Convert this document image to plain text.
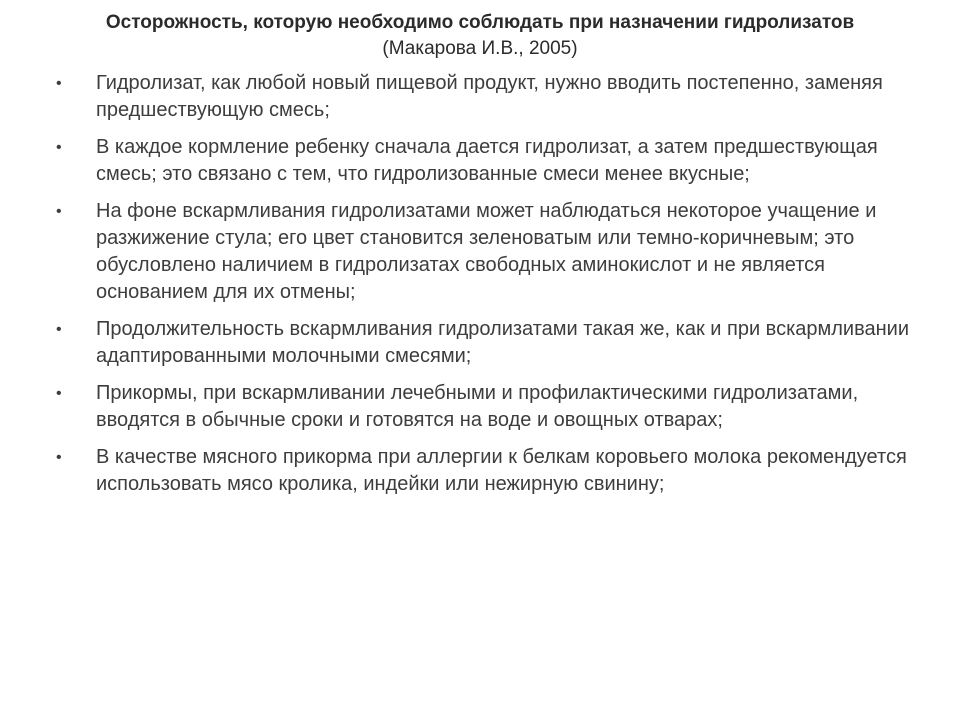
Осторожность, которую необходимо соблюдать при назначении гидролизатов
(Макарова И.В., 2005)
•	Гидролизат, как любой новый пищевой продукт, нужно вводить постепенно, заменяя предшествующую смесь;
•	В каждое кормление ребенку сначала дается гидролизат, а затем предшествующая смесь; это связано с тем, что гидролизованные смеси менее вкусные;
•	На фоне вскармливания гидролизатами может наблюдаться некоторое учащение и разжижение стула; его цвет становится зеленоватым или темно-коричневым; это обусловлено наличием в гидролизатах свободных аминокислот и не является основанием для их отмены;
•	Продолжительность вскармливания гидролизатами такая же, как и при вскармливании адаптированными молочными смесями;
•	Прикормы, при вскармливании лечебными и профилактическими гидролизатами, вводятся в обычные сроки и готовятся на воде и овощных отварах;
•	В качестве мясного прикорма при аллергии к белкам коровьего молока рекомендуется использовать мясо кролика, индейки или нежирную свинину;
